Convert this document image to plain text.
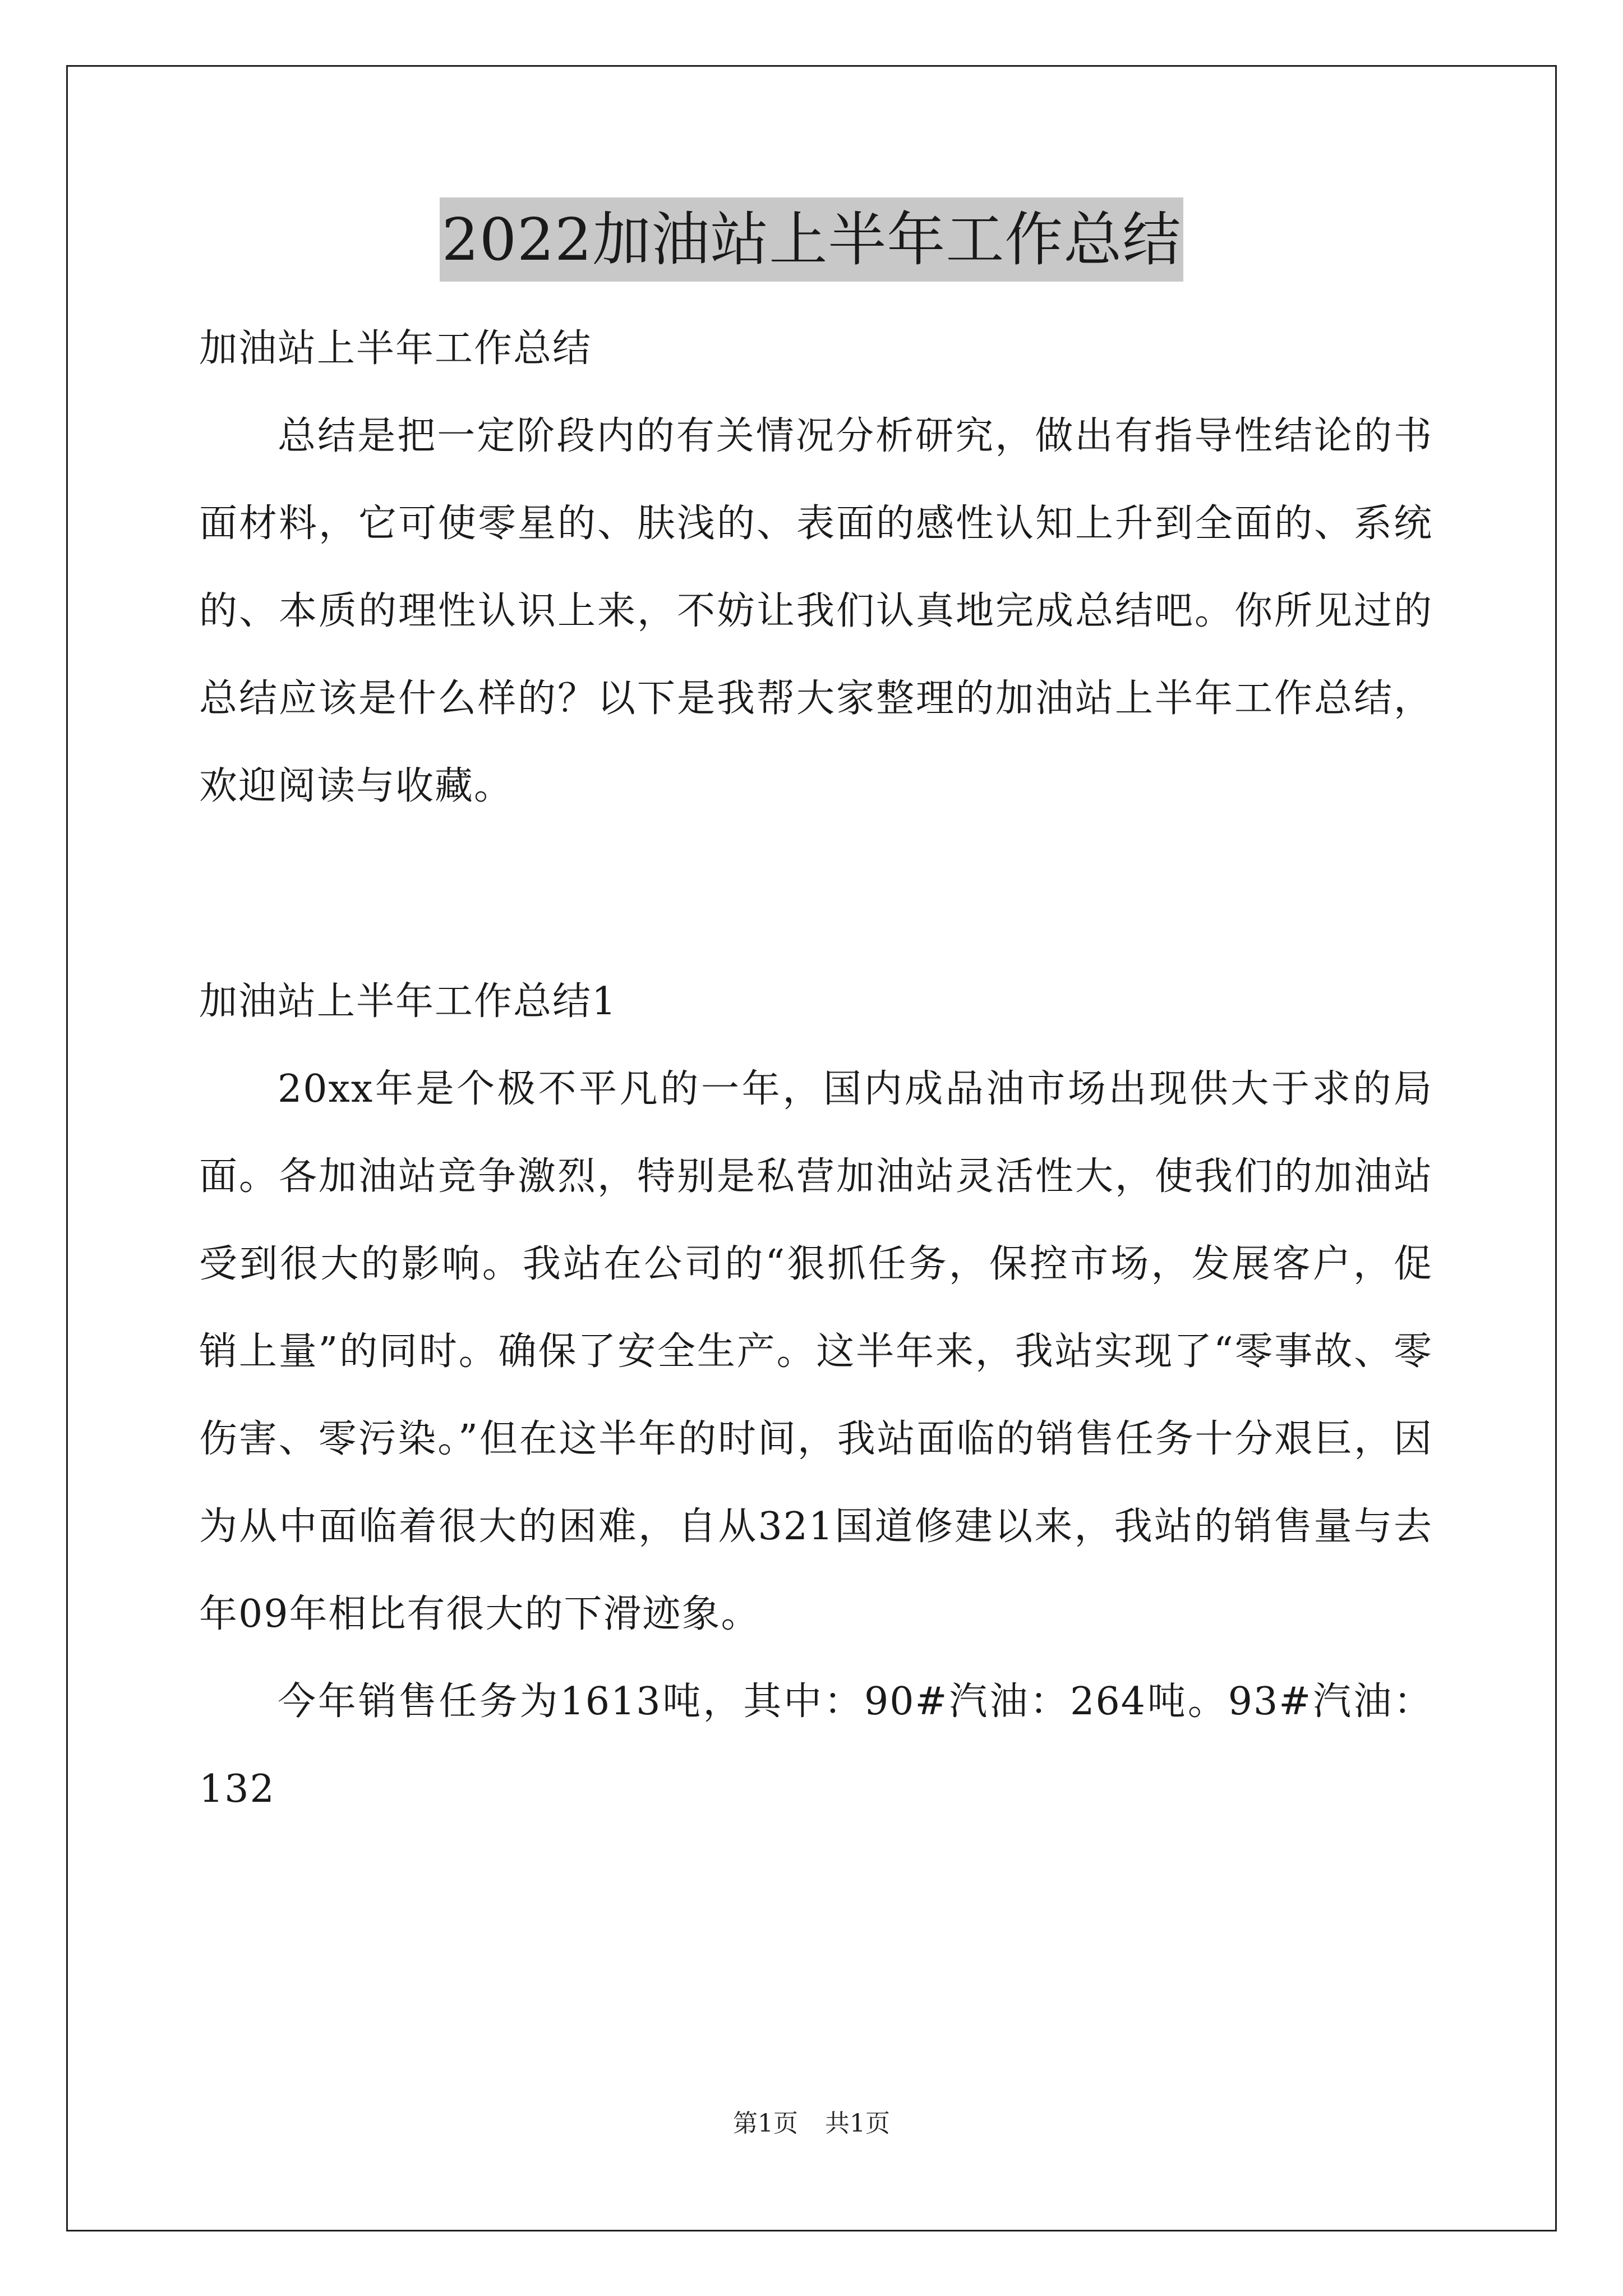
2022加油站上半年工作总结

加油站上半年工作总结

总结是把一定阶段内的有关情况分析研究，做出有指导性结论的书面材料，它可使零星的、肤浅的、表面的感性认知上升到全面的、系统的、本质的理性认识上来，不妨让我们认真地完成总结吧。你所见过的总结应该是什么样的？以下是我帮大家整理的加油站上半年工作总结，欢迎阅读与收藏。

加油站上半年工作总结1

20xx年是个极不平凡的一年，国内成品油市场出现供大于求的局面。各加油站竞争激烈，特别是私营加油站灵活性大，使我们的加油站受到很大的影响。我站在公司的“狠抓任务，保控市场，发展客户，促销上量”的同时。确保了安全生产。这半年来，我站实现了“零事故、零伤害、零污染。”但在这半年的时间，我站面临的销售任务十分艰巨，因为从中面临着很大的困难，自从321国道修建以来，我站的销售量与去年09年相比有很大的下滑迹象。

今年销售任务为1613吨，其中：90#汽油：264吨。93#汽油：132

第1页 共1页
